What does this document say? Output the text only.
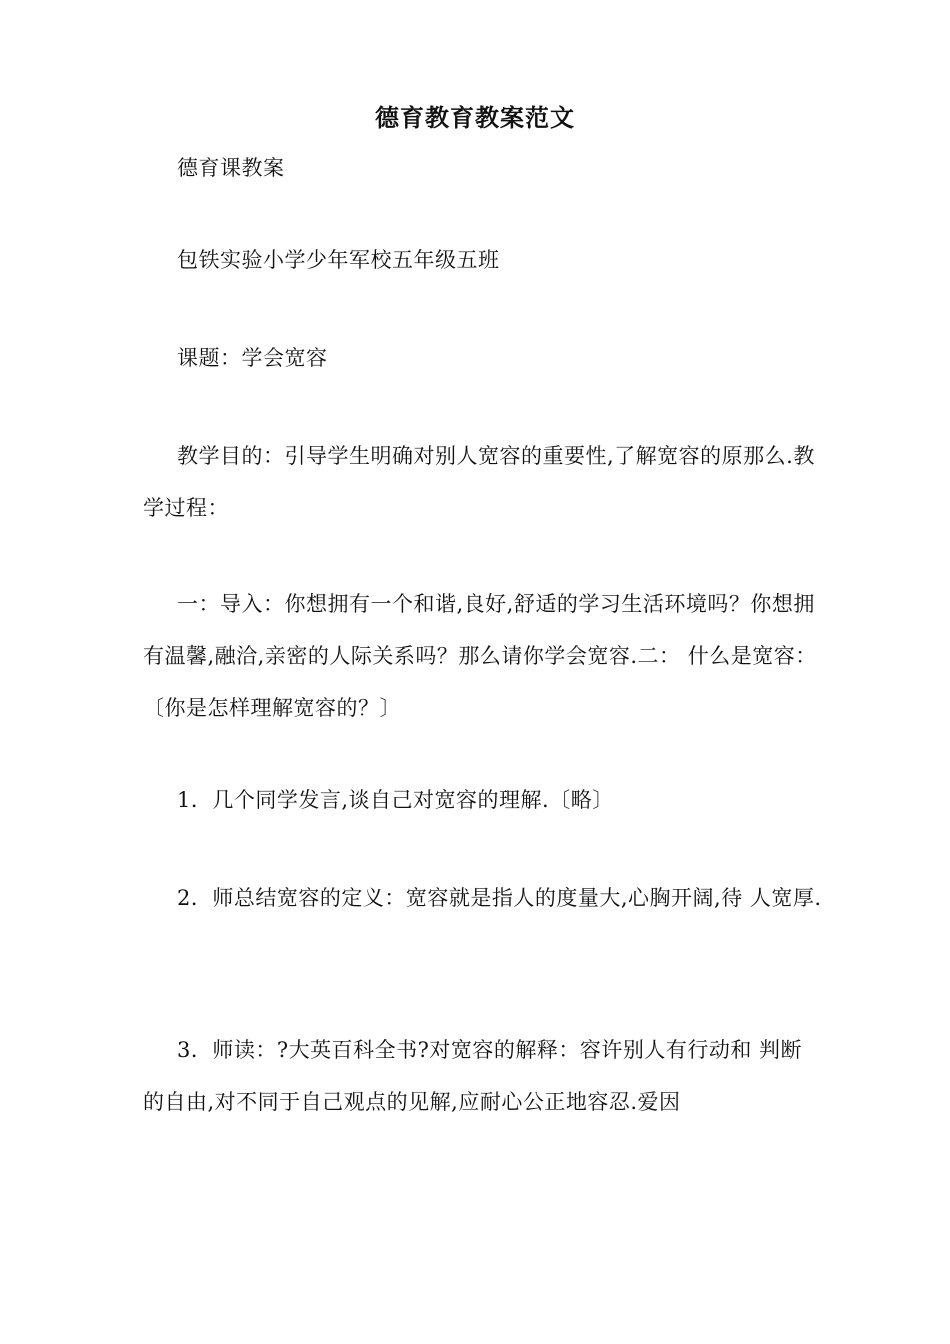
德育教育教案范文

德育课教案

包铁实验小学少年军校五年级五班

课题：学会宽容

教学目的：引导学生明确对别人宽容的重要性,了解宽容的原那么.教学过程：

一：导入：你想拥有一个和谐,良好,舒适的学习生活环境吗？你想拥有温馨,融洽,亲密的人际关系吗？那么请你学会宽容.二： 什么是宽容：〔你是怎样理解宽容的？〕

1．几个同学发言,谈自己对宽容的理解.〔略〕

2．师总结宽容的定义：宽容就是指人的度量大,心胸开阔,待 人宽厚.

3．师读：?大英百科全书?对宽容的解释：容许别人有行动和 判断的自由,对不同于自己观点的见解,应耐心公正地容忍.爱因
